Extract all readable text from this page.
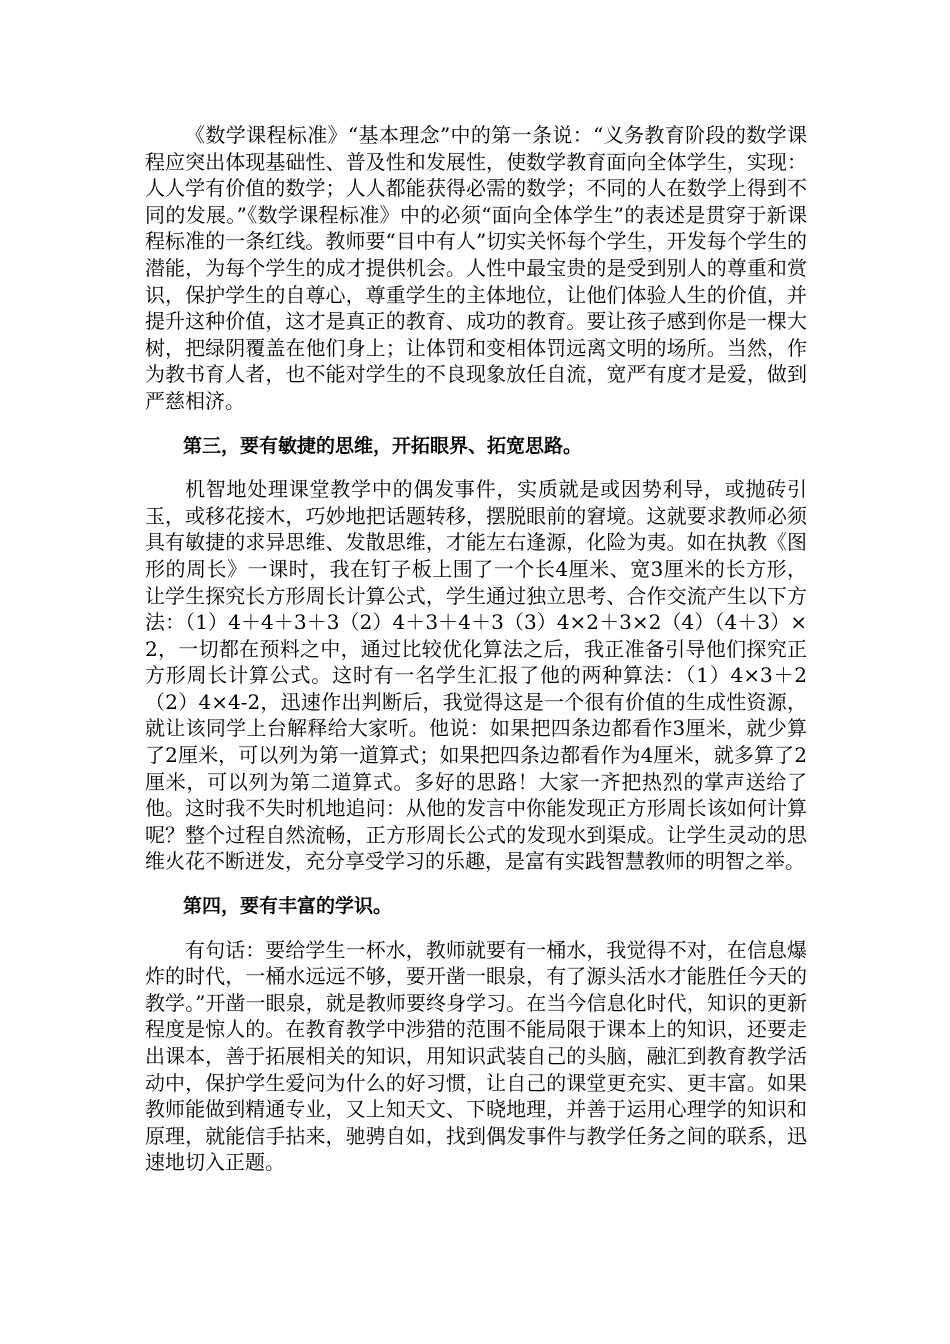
《数学课程标准》“基本理念”中的第一条说：“义务教育阶段的数学课程应突出体现基础性、普及性和发展性，使数学教育面向全体学生，实现：人人学有价值的数学；人人都能获得必需的数学；不同的人在数学上得到不同的发展。”《数学课程标准》中的必须“面向全体学生”的表述是贯穿于新课程标准的一条红线。教师要“目中有人”切实关怀每个学生，开发每个学生的潜能，为每个学生的成才提供机会。人性中最宝贵的是受到别人的尊重和赏识，保护学生的自尊心，尊重学生的主体地位，让他们体验人生的价值，并提升这种价值，这才是真正的教育、成功的教育。要让孩子感到你是一棵大树，把绿阴覆盖在他们身上；让体罚和变相体罚远离文明的场所。当然，作为教书育人者，也不能对学生的不良现象放任自流，宽严有度才是爱，做到严慈相济。

第三，要有敏捷的思维，开拓眼界、拓宽思路。

机智地处理课堂教学中的偶发事件，实质就是或因势利导，或抛砖引玉，或移花接木，巧妙地把话题转移，摆脱眼前的窘境。这就要求教师必须具有敏捷的求异思维、发散思维，才能左右逢源，化险为夷。如在执教《图形的周长》一课时，我在钉子板上围了一个长4厘米、宽3厘米的长方形，让学生探究长方形周长计算公式，学生通过独立思考、合作交流产生以下方法：（1）4＋4＋3＋3（2）4＋3＋4＋3（3）4×2＋3×2（4）（4＋3）×2，一切都在预料之中，通过比较优化算法之后，我正准备引导他们探究正方形周长计算公式。这时有一名学生汇报了他的两种算法：（1）4×3＋2（2）4×4-2，迅速作出判断后，我觉得这是一个很有价值的生成性资源，就让该同学上台解释给大家听。他说：如果把四条边都看作3厘米，就少算了2厘米，可以列为第一道算式；如果把四条边都看作为4厘米，就多算了2厘米，可以列为第二道算式。多好的思路！大家一齐把热烈的掌声送给了他。这时我不失时机地追问：从他的发言中你能发现正方形周长该如何计算呢？整个过程自然流畅，正方形周长公式的发现水到渠成。让学生灵动的思维火花不断迸发，充分享受学习的乐趣，是富有实践智慧教师的明智之举。

第四，要有丰富的学识。

有句话：要给学生一杯水，教师就要有一桶水，我觉得不对，在信息爆炸的时代，一桶水远远不够，要开凿一眼泉，有了源头活水才能胜任今天的教学。”开凿一眼泉，就是教师要终身学习。在当今信息化时代，知识的更新程度是惊人的。在教育教学中涉猎的范围不能局限于课本上的知识，还要走出课本，善于拓展相关的知识，用知识武装自己的头脑，融汇到教育教学活动中，保护学生爱问为什么的好习惯，让自己的课堂更充实、更丰富。如果教师能做到精通专业，又上知天文、下晓地理，并善于运用心理学的知识和原理，就能信手拈来，驰骋自如，找到偶发事件与教学任务之间的联系，迅速地切入正题。
